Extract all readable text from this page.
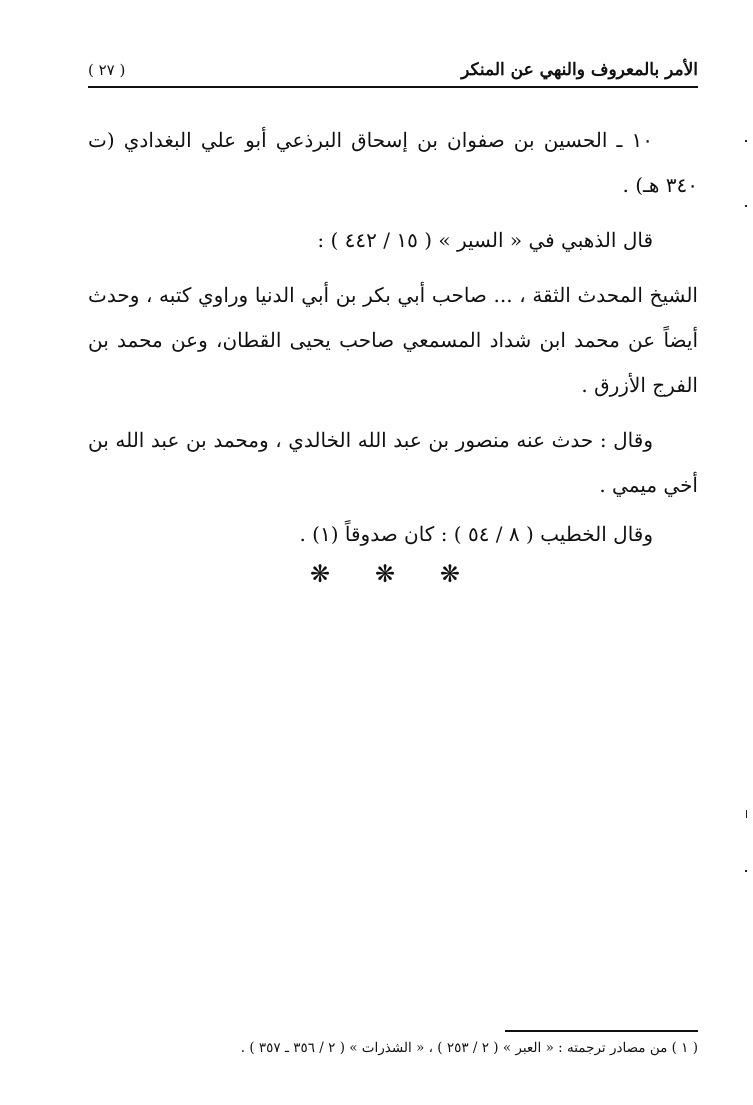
الأمر بالمعروف والنهي عن المنكر
( ٢٧ )

١٠ ـ الحسين بن صفوان بن إسحاق البرذعي أبو علي البغدادي (ت ٣٤٠ هـ) .

قال الذهبي في « السير » ( ١٥ / ٤٤٢ ) :

الشيخ المحدث الثقة ، ... صاحب أبي بكر بن أبي الدنيا وراوي كتبه ، وحدث أيضاً عن محمد ابن شداد المسمعي صاحب يحيى القطان، وعن محمد بن الفرج الأزرق .

وقال : حدث عنه منصور بن عبد الله الخالدي ، ومحمد بن عبد الله بن أخي ميمي .

وقال الخطيب ( ٨ / ٥٤ ) : كان صدوقاً (١) .

❋ ❋ ❋
( ١ ) من مصادر ترجمته : « العبر » ( ٢ / ٢٥٣ ) ، « الشذرات » ( ٢ / ٣٥٦ ـ ٣٥٧ ) .
